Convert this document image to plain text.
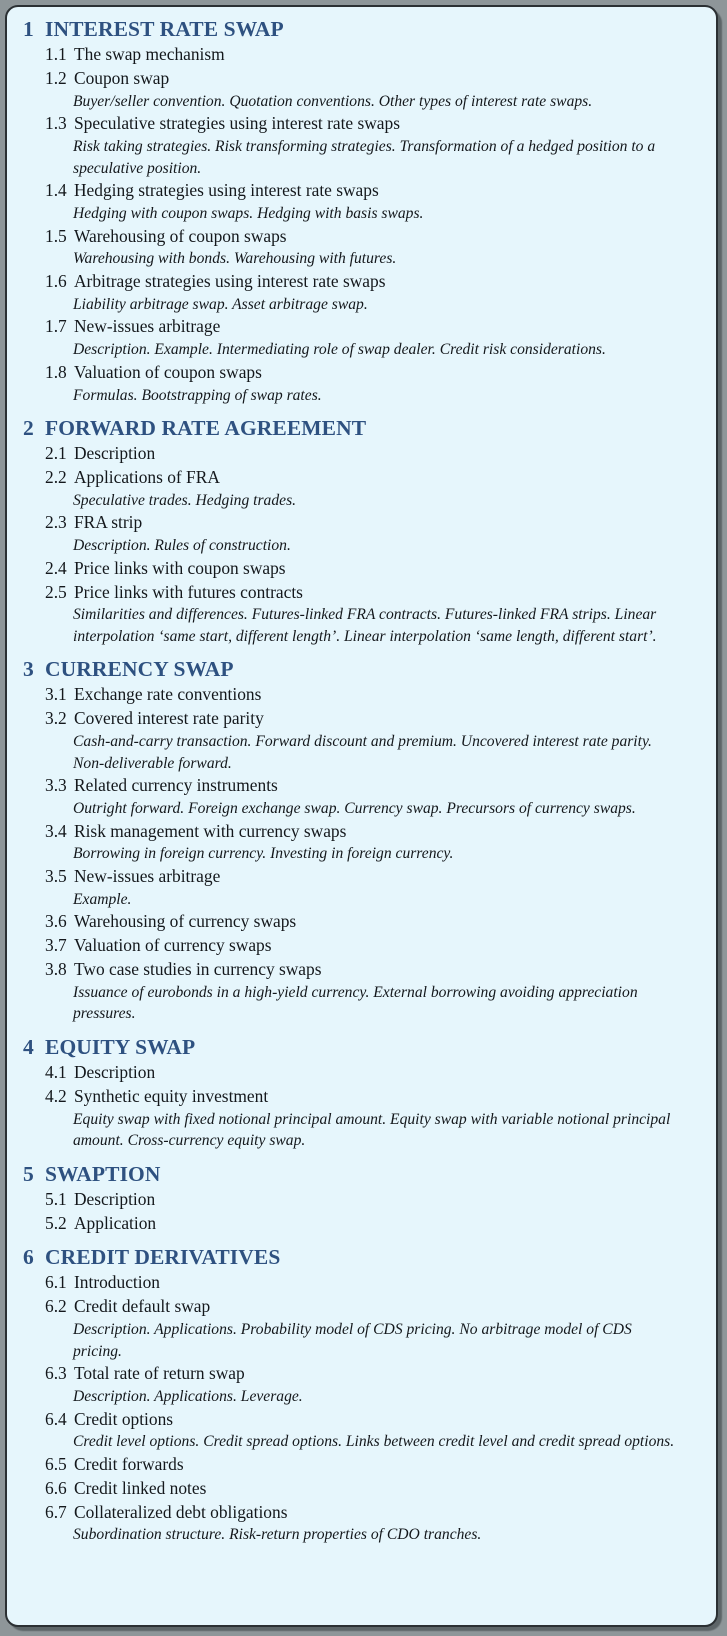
1 INTEREST RATE SWAP
1.1 The swap mechanism
1.2 Coupon swap
Buyer/seller convention. Quotation conventions. Other types of interest rate swaps.
1.3 Speculative strategies using interest rate swaps
Risk taking strategies. Risk transforming strategies. Transformation of a hedged position to a speculative position.
1.4 Hedging strategies using interest rate swaps
Hedging with coupon swaps. Hedging with basis swaps.
1.5 Warehousing of coupon swaps
Warehousing with bonds. Warehousing with futures.
1.6 Arbitrage strategies using interest rate swaps
Liability arbitrage swap. Asset arbitrage swap.
1.7 New-issues arbitrage
Description. Example. Intermediating role of swap dealer. Credit risk considerations.
1.8 Valuation of coupon swaps
Formulas. Bootstrapping of swap rates.
2 FORWARD RATE AGREEMENT
2.1 Description
2.2 Applications of FRA
Speculative trades. Hedging trades.
2.3 FRA strip
Description. Rules of construction.
2.4 Price links with coupon swaps
2.5 Price links with futures contracts
Similarities and differences. Futures-linked FRA contracts. Futures-linked FRA strips. Linear interpolation ‘same start, different length’. Linear interpolation ‘same length, different start’.
3 CURRENCY SWAP
3.1 Exchange rate conventions
3.2 Covered interest rate parity
Cash-and-carry transaction. Forward discount and premium. Uncovered interest rate parity. Non-deliverable forward.
3.3 Related currency instruments
Outright forward. Foreign exchange swap. Currency swap. Precursors of currency swaps.
3.4 Risk management with currency swaps
Borrowing in foreign currency. Investing in foreign currency.
3.5 New-issues arbitrage
Example.
3.6 Warehousing of currency swaps
3.7 Valuation of currency swaps
3.8 Two case studies in currency swaps
Issuance of eurobonds in a high-yield currency. External borrowing avoiding appreciation pressures.
4 EQUITY SWAP
4.1 Description
4.2 Synthetic equity investment
Equity swap with fixed notional principal amount. Equity swap with variable notional principal amount. Cross-currency equity swap.
5 SWAPTION
5.1 Description
5.2 Application
6 CREDIT DERIVATIVES
6.1 Introduction
6.2 Credit default swap
Description. Applications. Probability model of CDS pricing. No arbitrage model of CDS pricing.
6.3 Total rate of return swap
Description. Applications. Leverage.
6.4 Credit options
Credit level options. Credit spread options. Links between credit level and credit spread options.
6.5 Credit forwards
6.6 Credit linked notes
6.7 Collateralized debt obligations
Subordination structure. Risk-return properties of CDO tranches.
